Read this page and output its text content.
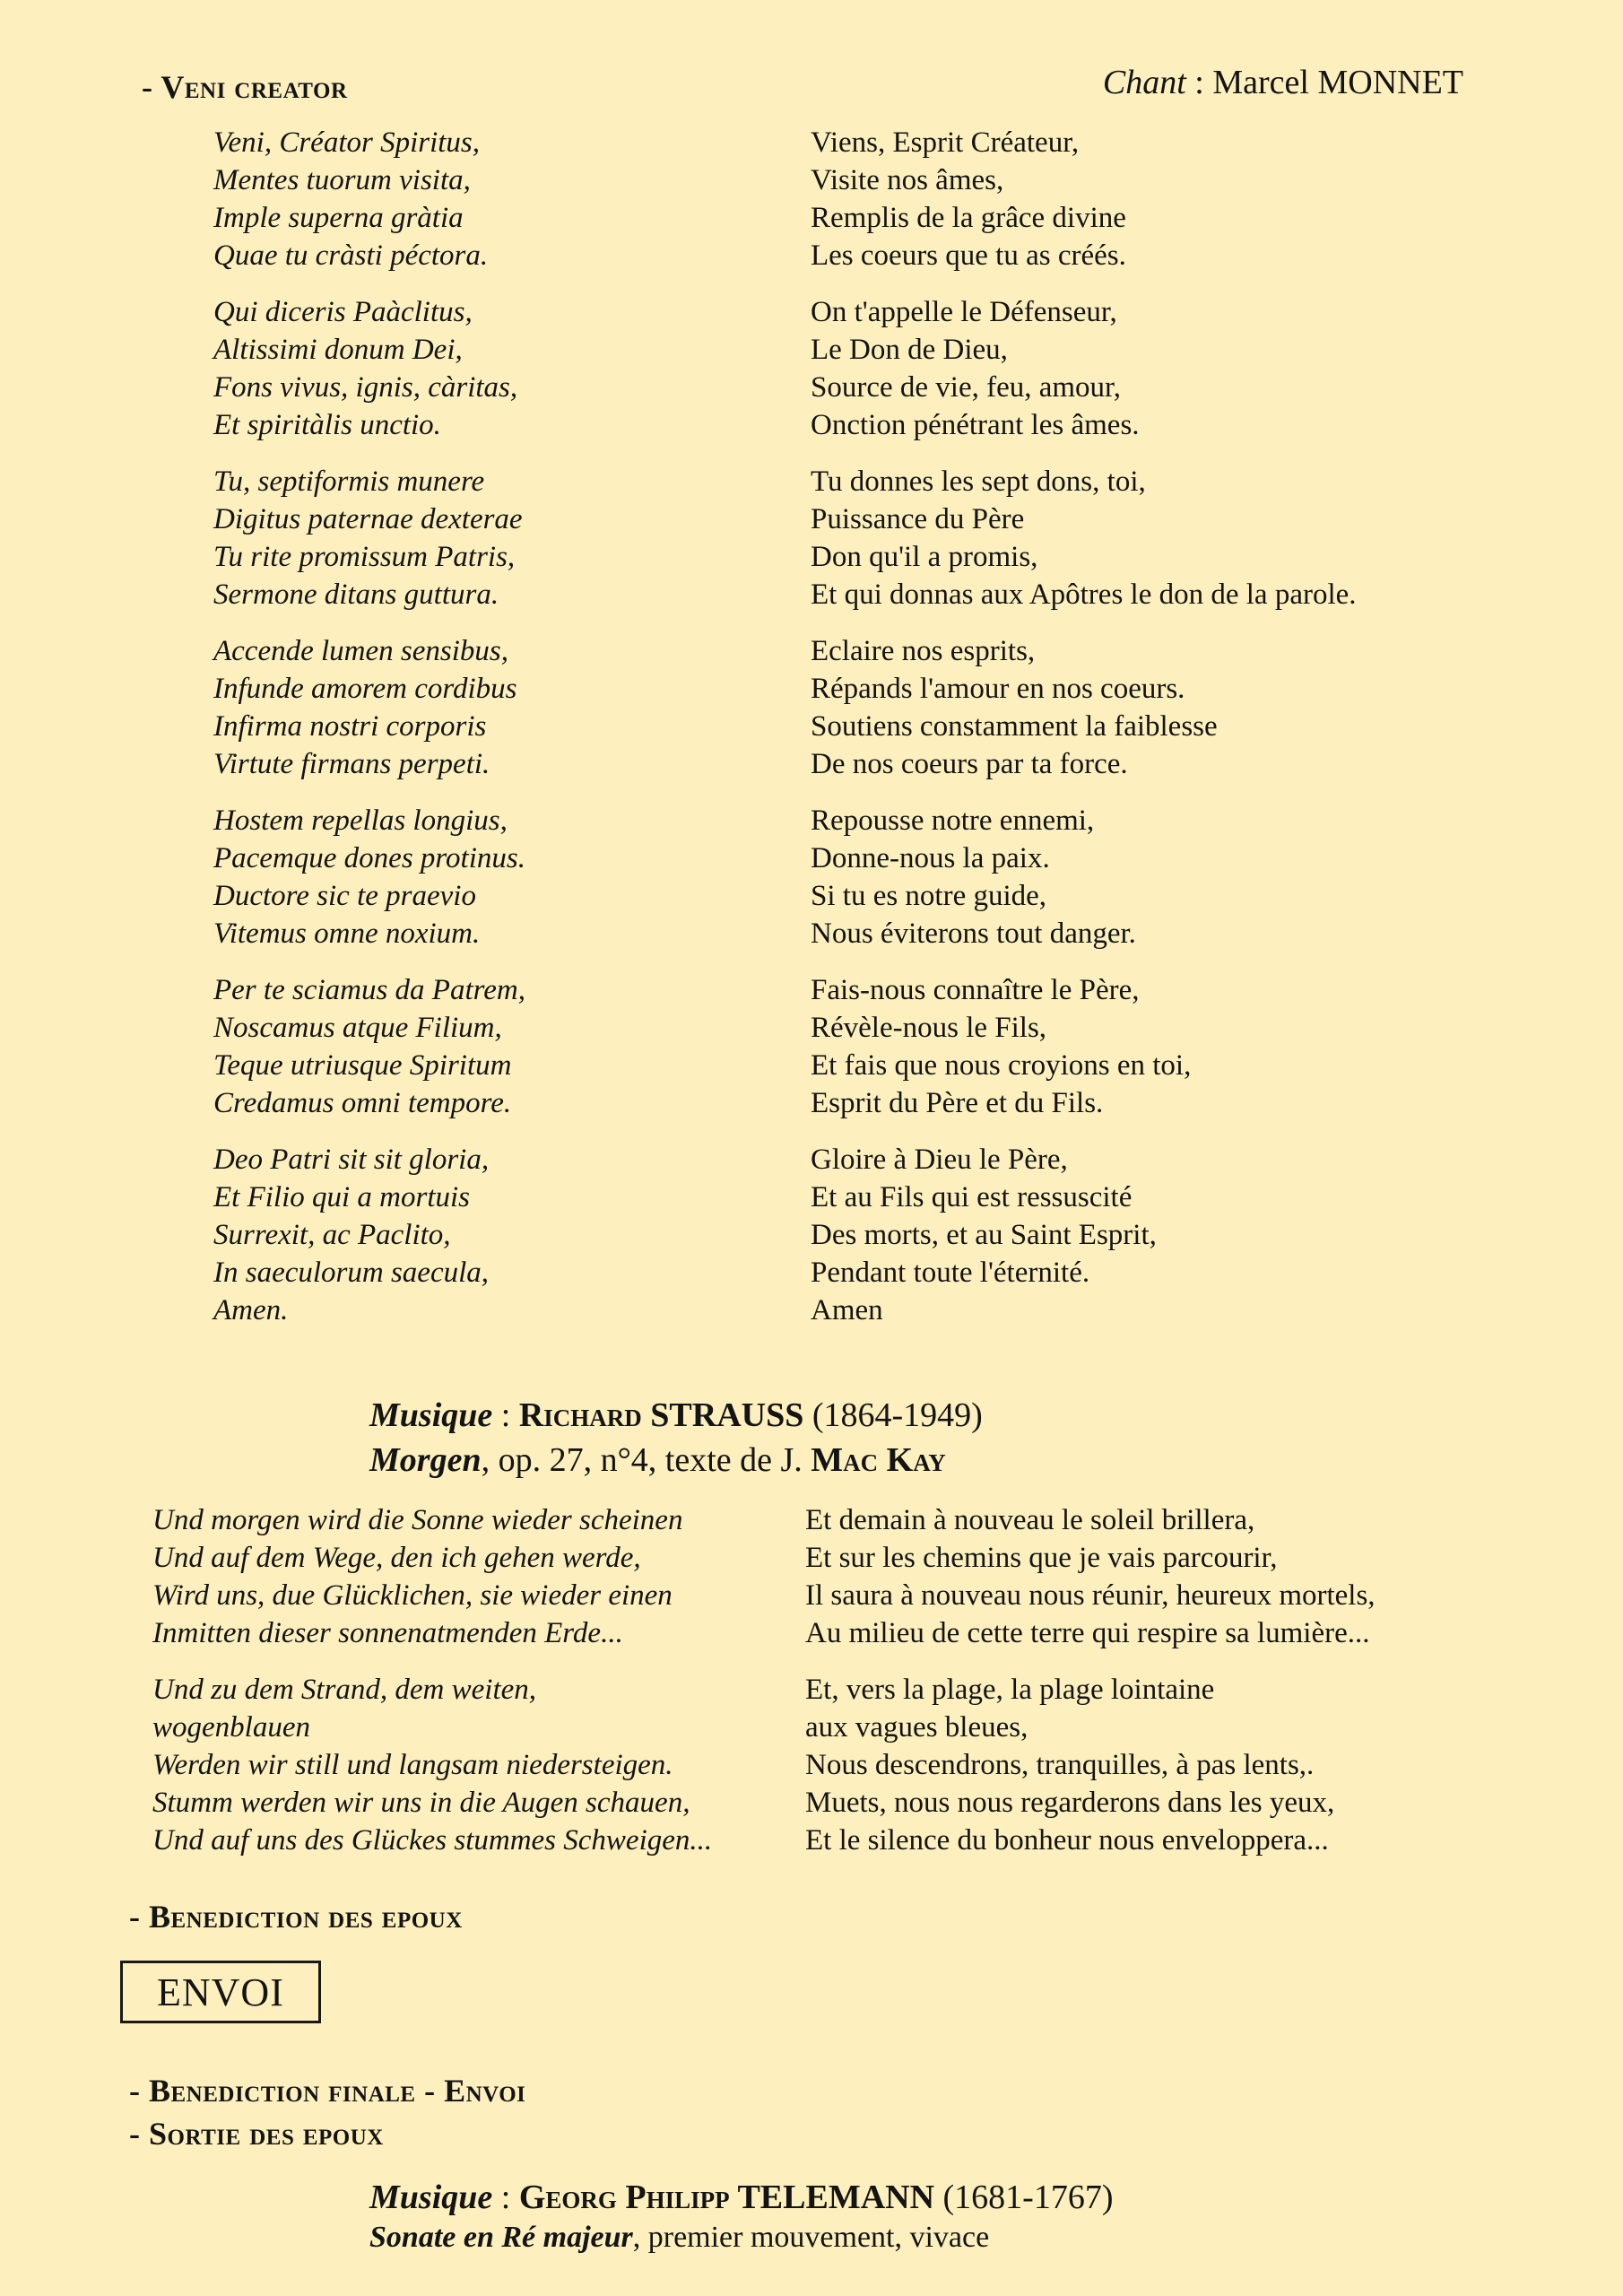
- Veni creator	Chant : Marcel MONNET
Veni, Créator Spiritus,
Mentes tuorum visita,
Imple superna gràtia
Quae tu cràsti péctora.
Qui diceris Paàclitus,
Altissimi donum Dei,
Fons vivus, ignis, càritas,
Et spiritàlis unctio.
Tu, septiformis munere
Digitus paternae dexterae
Tu rite promissum Patris,
Sermone ditans guttura.
Accende lumen sensibus,
Infunde amorem cordibus
Infirma nostri corporis
Virtute firmans perpeti.
Hostem repellas longius,
Pacemque dones protinus.
Ductore sic te praevio
Vitemus omne noxium.
Per te sciamus da Patrem,
Noscamus atque Filium,
Teque utriusque Spiritum
Credamus omni tempore.
Deo Patri sit sit gloria,
Et Filio qui a mortuis
Surrexit, ac Paclito,
In saeculorum saecula,
Amen.
Viens, Esprit Créateur,
Visite nos âmes,
Remplis de la grâce divine
Les coeurs que tu as créés.
On t'appelle le Défenseur,
Le Don de Dieu,
Source de vie, feu, amour,
Onction pénétrant les âmes.
Tu donnes les sept dons, toi,
Puissance du Père
Don qu'il a promis,
Et qui donnas aux Apôtres le don de la parole.
Eclaire nos esprits,
Répands l'amour en nos coeurs.
Soutiens constamment la faiblesse
De nos coeurs par ta force.
Repousse notre ennemi,
Donne-nous la paix.
Si tu es notre guide,
Nous éviterons tout danger.
Fais-nous connaître le Père,
Révèle-nous le Fils,
Et fais que nous croyions en toi,
Esprit du Père et du Fils.
Gloire à Dieu le Père,
Et au Fils qui est ressuscité
Des morts, et au Saint Esprit,
Pendant toute l'éternité.
Amen
Musique : Richard STRAUSS (1864-1949)
Morgen, op. 27, n°4, texte de J. Mac Kay
Und morgen wird die Sonne wieder scheinen
Und auf dem Wege, den ich gehen werde,
Wird uns, due Glücklichen, sie wieder einen
Inmitten dieser sonnenatmenden Erde...
Und zu dem Strand, dem weiten,
wogenblauen
Werden wir still und langsam niedersteigen.
Stumm werden wir uns in die Augen schauen,
Und auf uns des Glückes stummes Schweigen...
Et demain à nouveau le soleil brillera,
Et sur les chemins que je vais parcourir,
Il saura à nouveau nous réunir, heureux mortels,
Au milieu de cette terre qui respire sa lumière...
Et, vers la plage, la plage lointaine
aux vagues bleues,
Nous descendrons, tranquilles, à pas lents,.
Muets, nous nous regarderons dans les yeux,
Et le silence du bonheur nous enveloppera...
- Benediction des epoux
ENVOI
- Benediction finale - Envoi
- Sortie des epoux
Musique : Georg Philipp TELEMANN (1681-1767)
Sonate en Ré majeur, premier mouvement, vivace
